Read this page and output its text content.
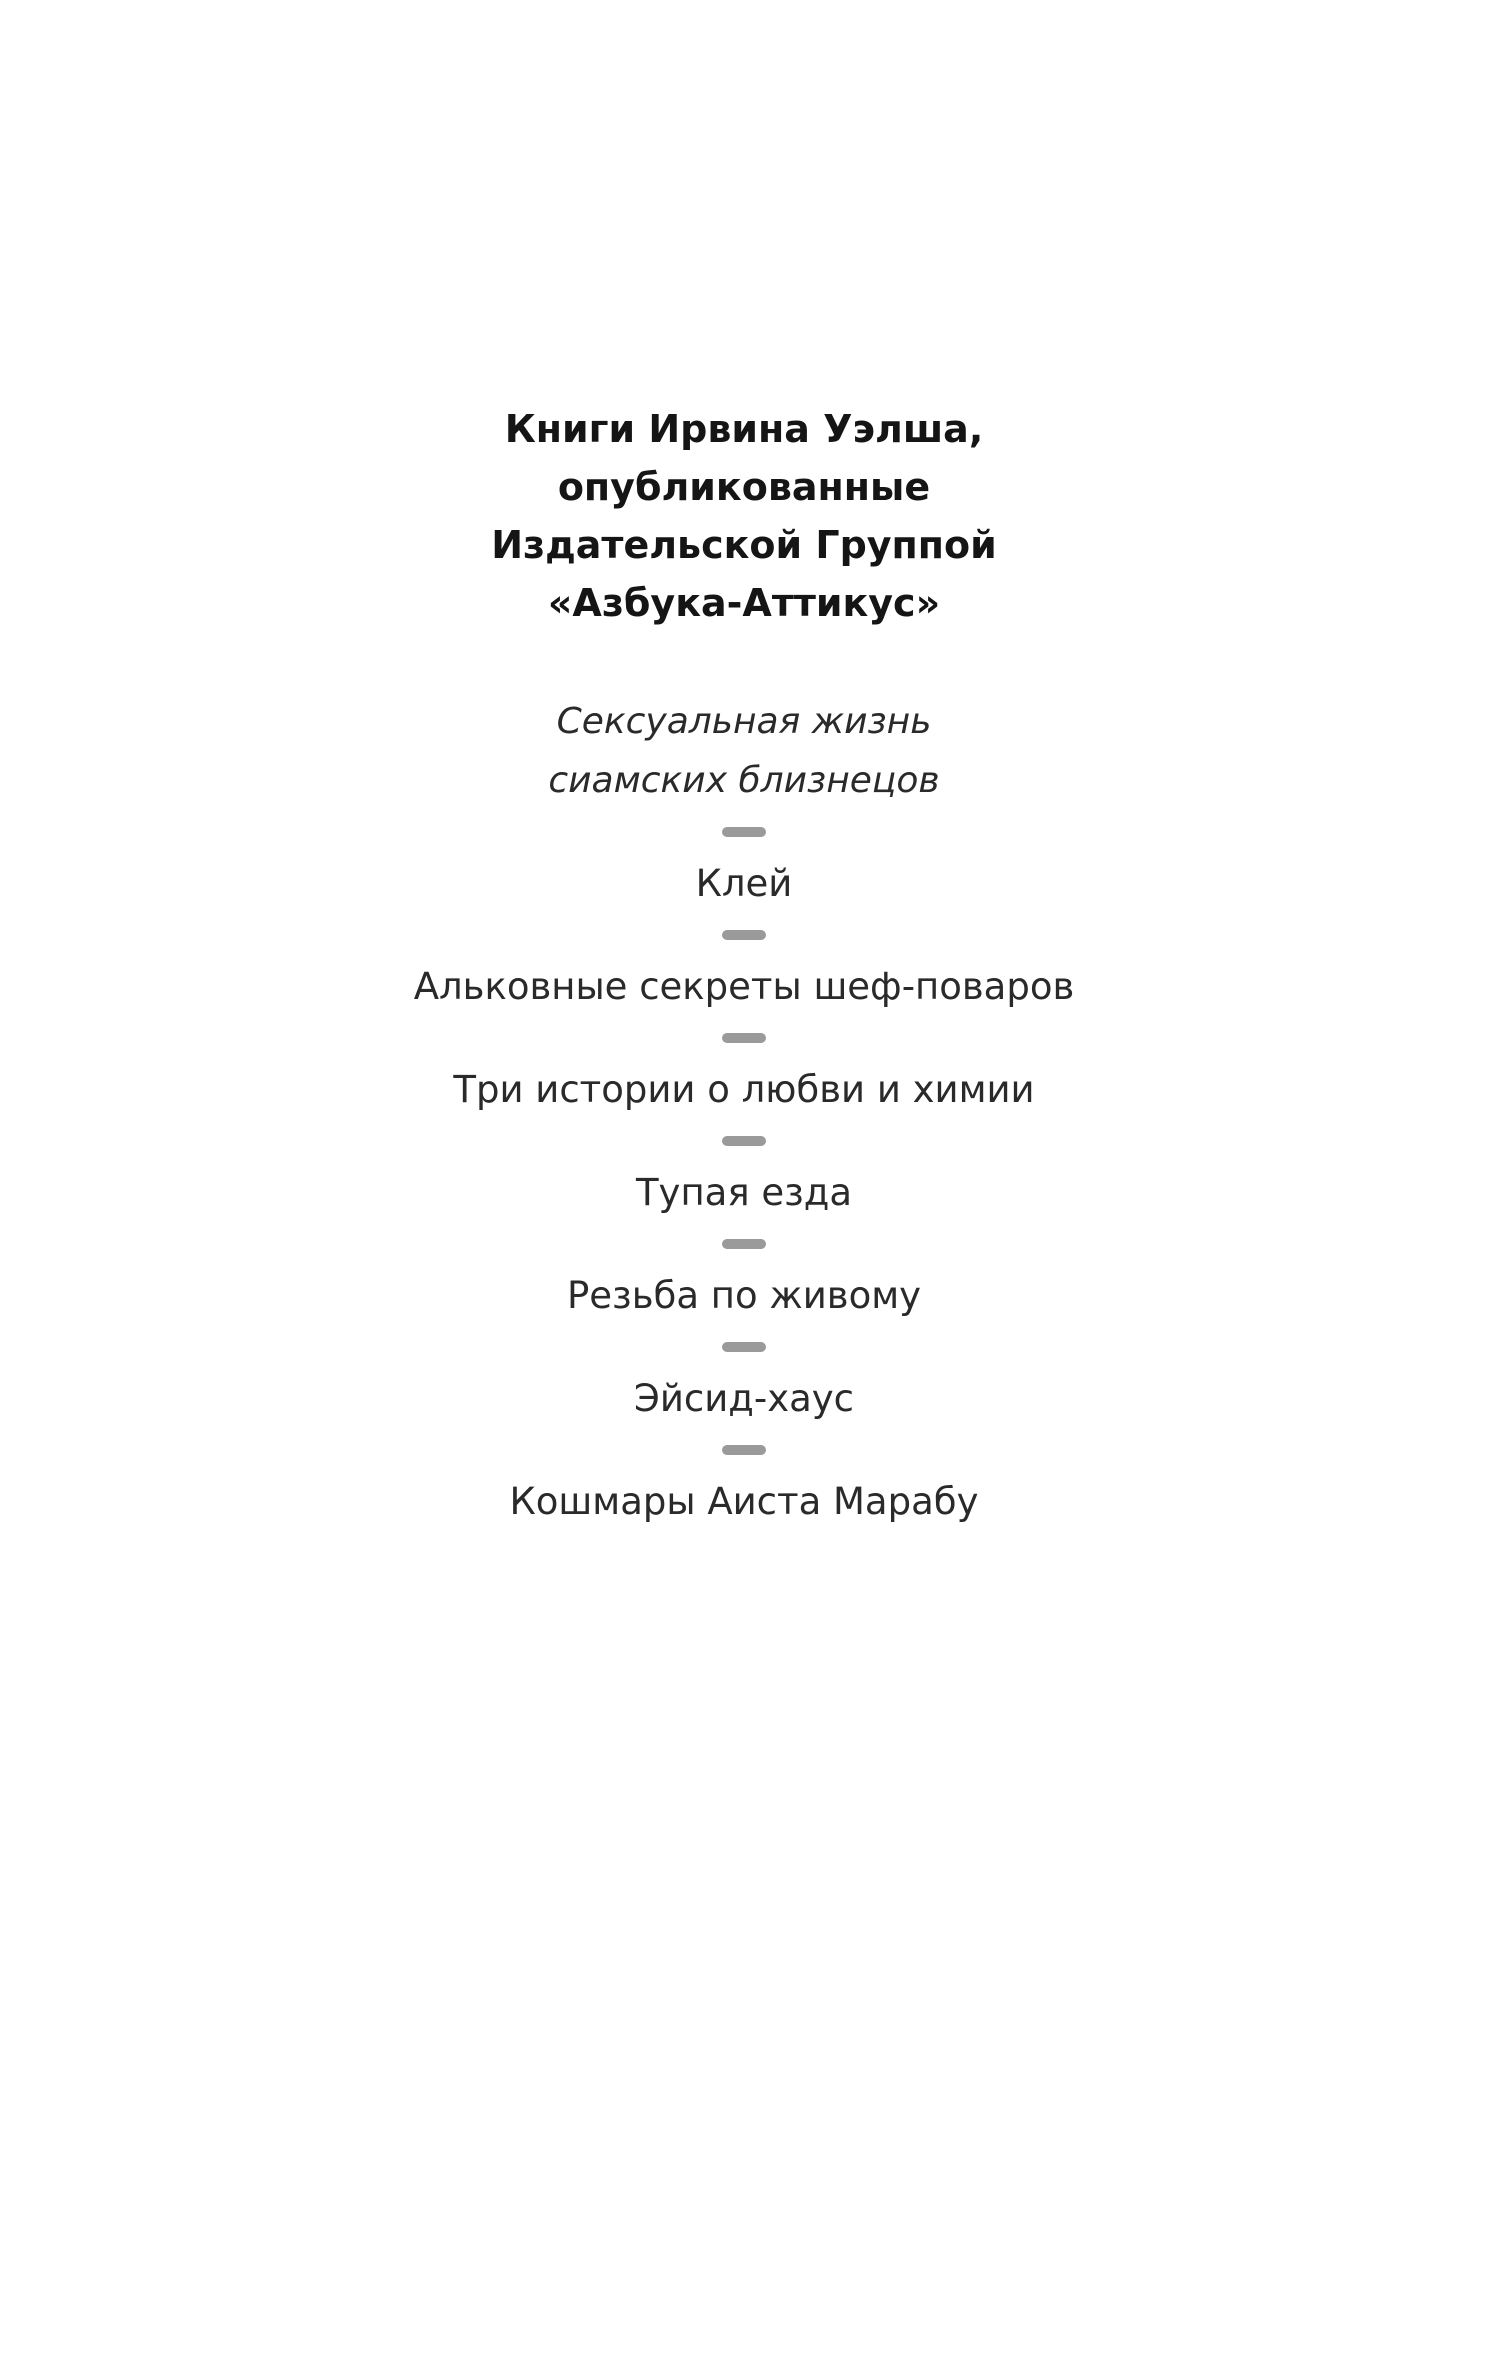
Книги Ирвина Уэлша,
опубликованные
Издательской Группой
«Азбука-Аттикус»
Сексуальная жизнь
сиамских близнецов
Клей
Альковные секреты шеф-поваров
Три истории о любви и химии
Тупая езда
Резьба по живому
Эйсид-хаус
Кошмары Аиста Марабу
